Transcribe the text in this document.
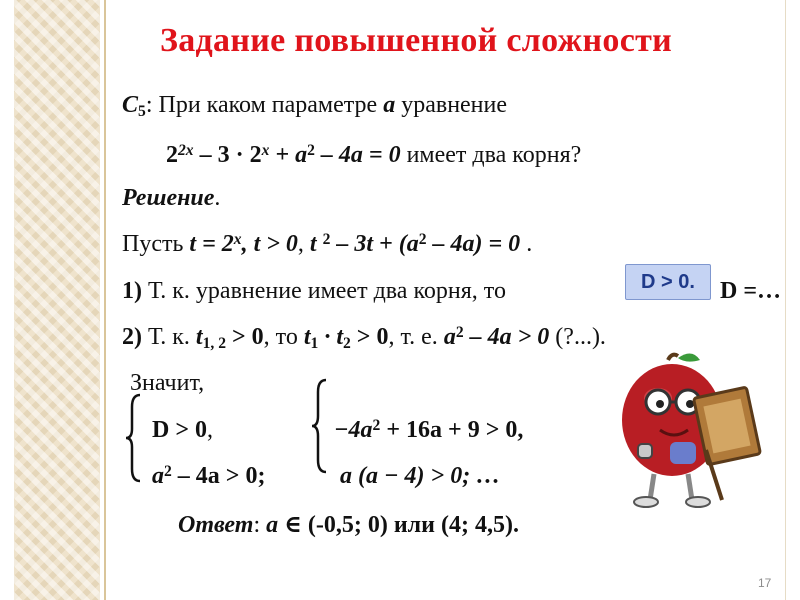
Задание повышенной сложности
$C_5$: При каком параметре a уравнение
$2^{2x} - 3 \cdot 2^x + a^2 - 4a = 0$ имеет два корня?
Решение.
Пусть $t = 2^x$, t > 0, t $^2 - 3t + (a^2 - 4a) = 0$ .
1) Т. к. уравнение имеет два корня, то	D > 0.	D =…
2) Т. к. $t_{1, 2} > 0$, то $t_1 \cdot t_2 > 0$, т. е. $a^2 - 4a > 0$ (?...).
Значит,
D > 0,	$-4a^2 + 16a + 9 > 0$,
$a^2 - 4a > 0$;	a (a − 4) > 0; …
Ответ: a ∈ (-0,5; 0) или (4; 4,5).
17
